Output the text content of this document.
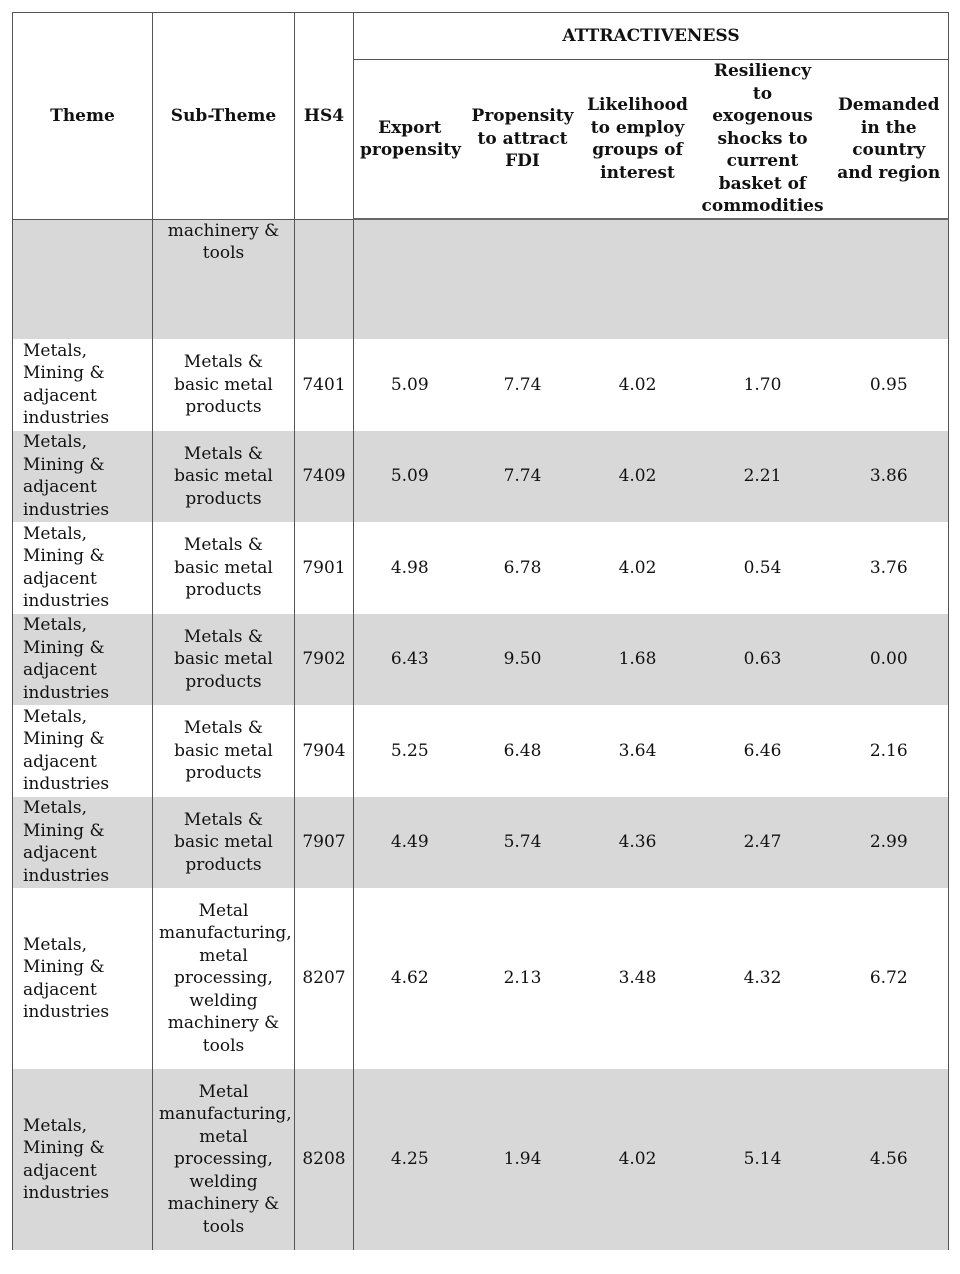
Theme	Sub-Theme	HS4	ATTRACTIVENESS				
			Export propensity	Propensity to attract FDI	Likelihood to employ groups of interest	Resiliency to exogenous shocks to current basket of commodities	Demanded in the country and region
	machinery & tools						
Metals, Mining & adjacent industries	Metals & basic metal products	7401	5.09	7.74	4.02	1.70	0.95
Metals, Mining & adjacent industries	Metals & basic metal products	7409	5.09	7.74	4.02	2.21	3.86
Metals, Mining & adjacent industries	Metals & basic metal products	7901	4.98	6.78	4.02	0.54	3.76
Metals, Mining & adjacent industries	Metals & basic metal products	7902	6.43	9.50	1.68	0.63	0.00
Metals, Mining & adjacent industries	Metals & basic metal products	7904	5.25	6.48	3.64	6.46	2.16
Metals, Mining & adjacent industries	Metals & basic metal products	7907	4.49	5.74	4.36	2.47	2.99
Metals, Mining & adjacent industries	Metal manufacturing, metal processing, welding machinery & tools	8207	4.62	2.13	3.48	4.32	6.72
Metals, Mining & adjacent industries	Metal manufacturing, metal processing, welding machinery & tools	8208	4.25	1.94	4.02	5.14	4.56
